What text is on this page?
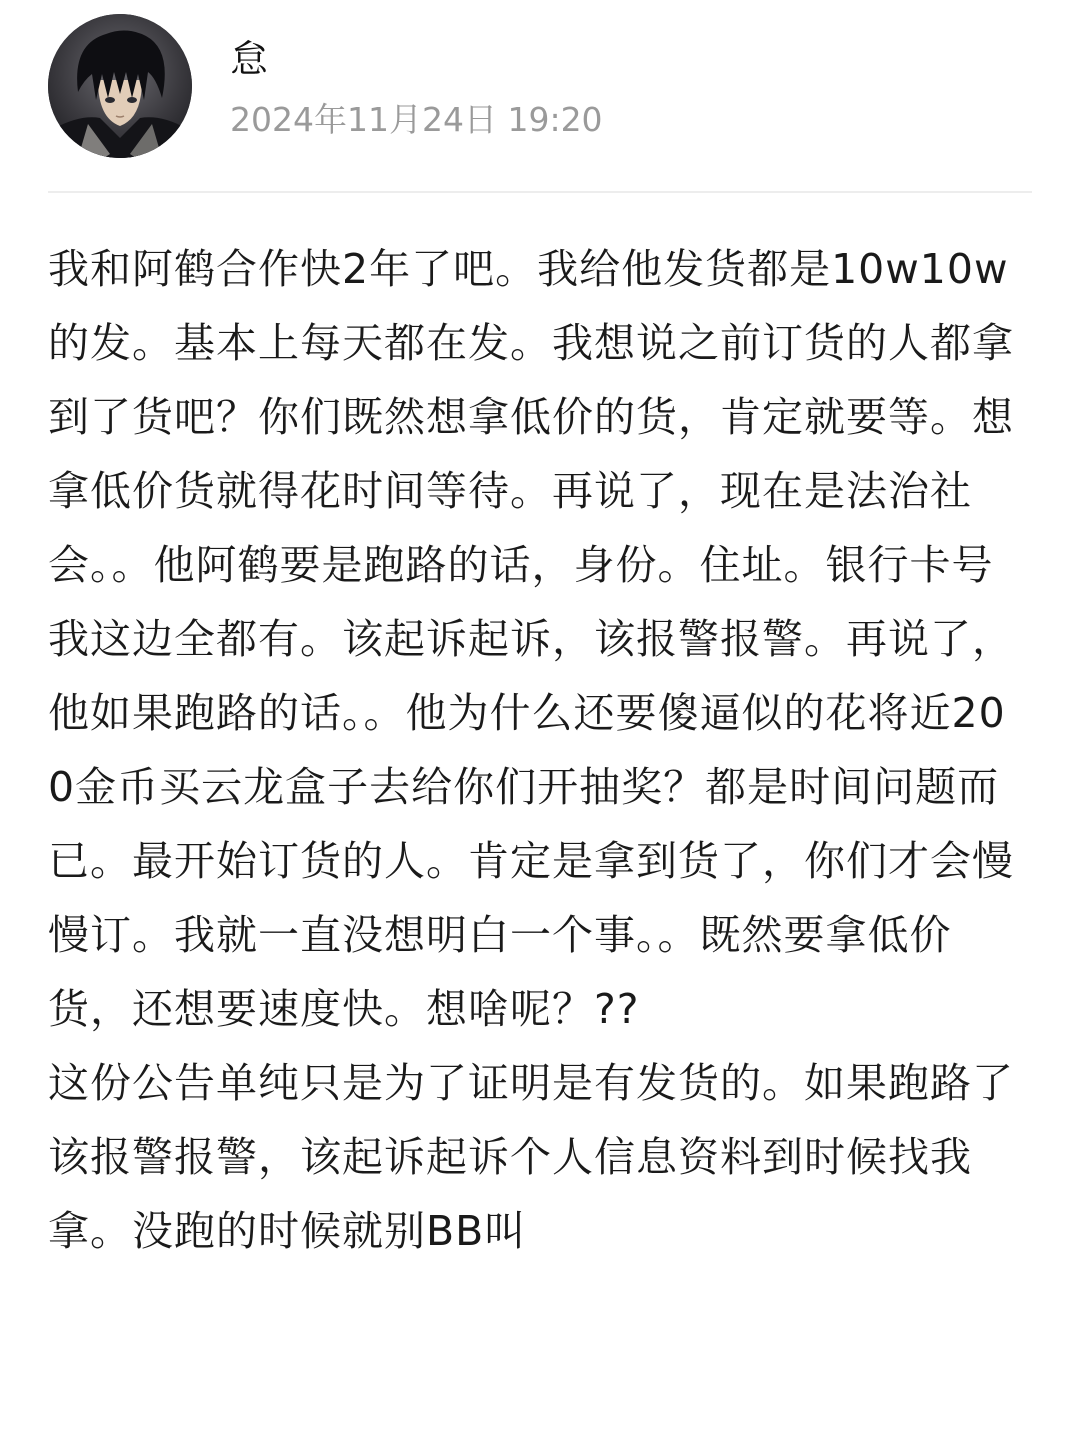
怠
2024年11月24日 19:20

我和阿鹤合作快2年了吧。我给他发货都是10w10w的发。基本上每天都在发。我想说之前订货的人都拿到了货吧？你们既然想拿低价的货，肯定就要等。想拿低价货就得花时间等待。再说了，现在是法治社会。。他阿鹤要是跑路的话，身份。住址。银行卡号我这边全都有。该起诉起诉，该报警报警。再说了，他如果跑路的话。。他为什么还要傻逼似的花将近200金币买云龙盒子去给你们开抽奖？都是时间问题而已。最开始订货的人。肯定是拿到货了，你们才会慢慢订。我就一直没想明白一个事。。既然要拿低价货，还想要速度快。想啥呢？??

这份公告单纯只是为了证明是有发货的。如果跑路了该报警报警，该起诉起诉个人信息资料到时候找我拿。没跑的时候就别BB叫
